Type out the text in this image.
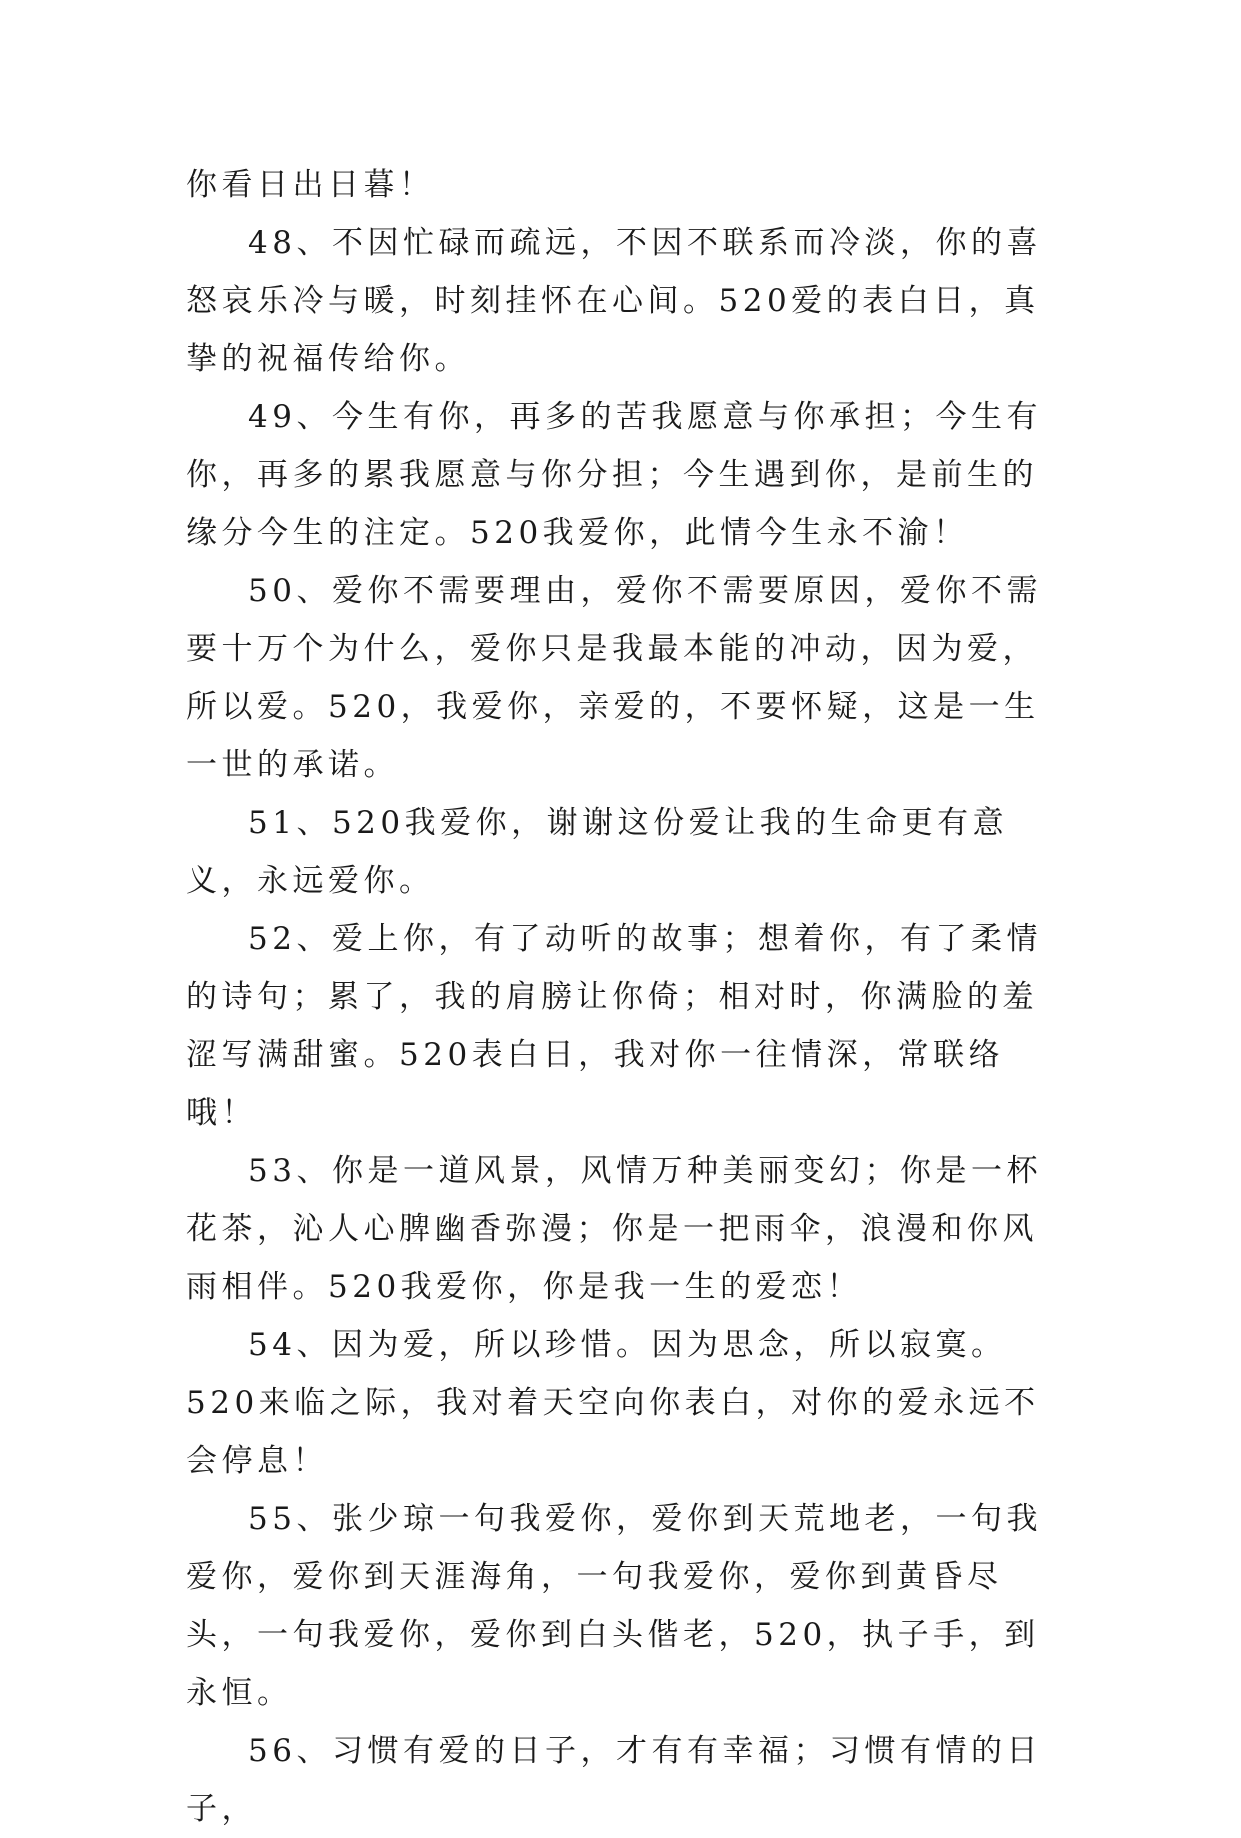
你看日出日暮！

48、不因忙碌而疏远，不因不联系而冷淡，你的喜怒哀乐冷与暖，时刻挂怀在心间。520爱的表白日，真挚的祝福传给你。

49、今生有你，再多的苦我愿意与你承担；今生有你，再多的累我愿意与你分担；今生遇到你，是前生的缘分今生的注定。520我爱你，此情今生永不渝！

50、爱你不需要理由，爱你不需要原因，爱你不需要十万个为什么，爱你只是我最本能的冲动，因为爱，所以爱。520，我爱你，亲爱的，不要怀疑，这是一生一世的承诺。

51、520我爱你，谢谢这份爱让我的生命更有意义，永远爱你。

52、爱上你，有了动听的故事；想着你，有了柔情的诗句；累了，我的肩膀让你倚；相对时，你满脸的羞涩写满甜蜜。520表白日，我对你一往情深，常联络哦！

53、你是一道风景，风情万种美丽变幻；你是一杯花茶，沁人心脾幽香弥漫；你是一把雨伞，浪漫和你风雨相伴。520我爱你，你是我一生的爱恋！

54、因为爱，所以珍惜。因为思念，所以寂寞。520来临之际，我对着天空向你表白，对你的爱永远不会停息！

55、张少琼一句我爱你，爱你到天荒地老，一句我爱你，爱你到天涯海角，一句我爱你，爱你到黄昏尽头，一句我爱你，爱你到白头偕老，520，执子手，到永恒。

56、习惯有爱的日子，才有有幸福；习惯有情的日子，
